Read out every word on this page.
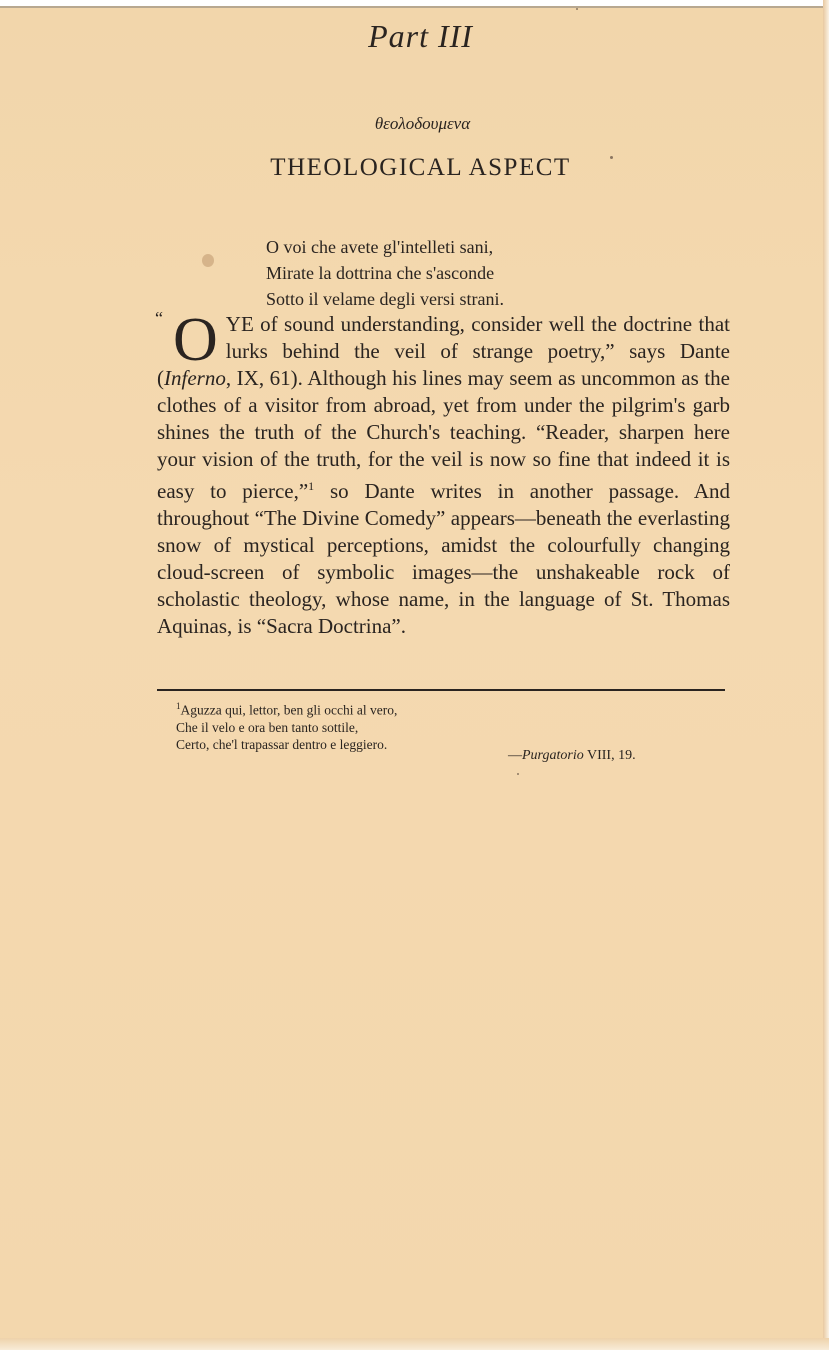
Part III
θεολοδουμενα
THEOLOGICAL ASPECT
O voi che avete gl'intelleti sani,
Mirate la dottrina che s'asconde
Sotto il velame degli versi strani.
“ O YE of sound understanding, consider well the doctrine that lurks behind the veil of strange poetry,” says Dante (Inferno, IX, 61). Although his lines may seem as uncommon as the clothes of a visitor from abroad, yet from under the pilgrim's garb shines the truth of the Church's teaching. “Reader, sharpen here your vision of the truth, for the veil is now so fine that indeed it is easy to pierce,”$^1$ so Dante writes in another passage. And throughout “The Divine Comedy” appears—beneath the everlasting snow of mystical perceptions, amidst the colourfully changing cloud-screen of symbolic images—the unshakeable rock of scholastic theology, whose name, in the language of St. Thomas Aquinas, is “Sacra Doctrina”.

$^1$Aguzza qui, lettor, ben gli occhi al vero,
Che il velo e ora ben tanto sottile,
Certo, che'l trapassar dentro e leggiero.
—Purgatorio VIII, 19.
